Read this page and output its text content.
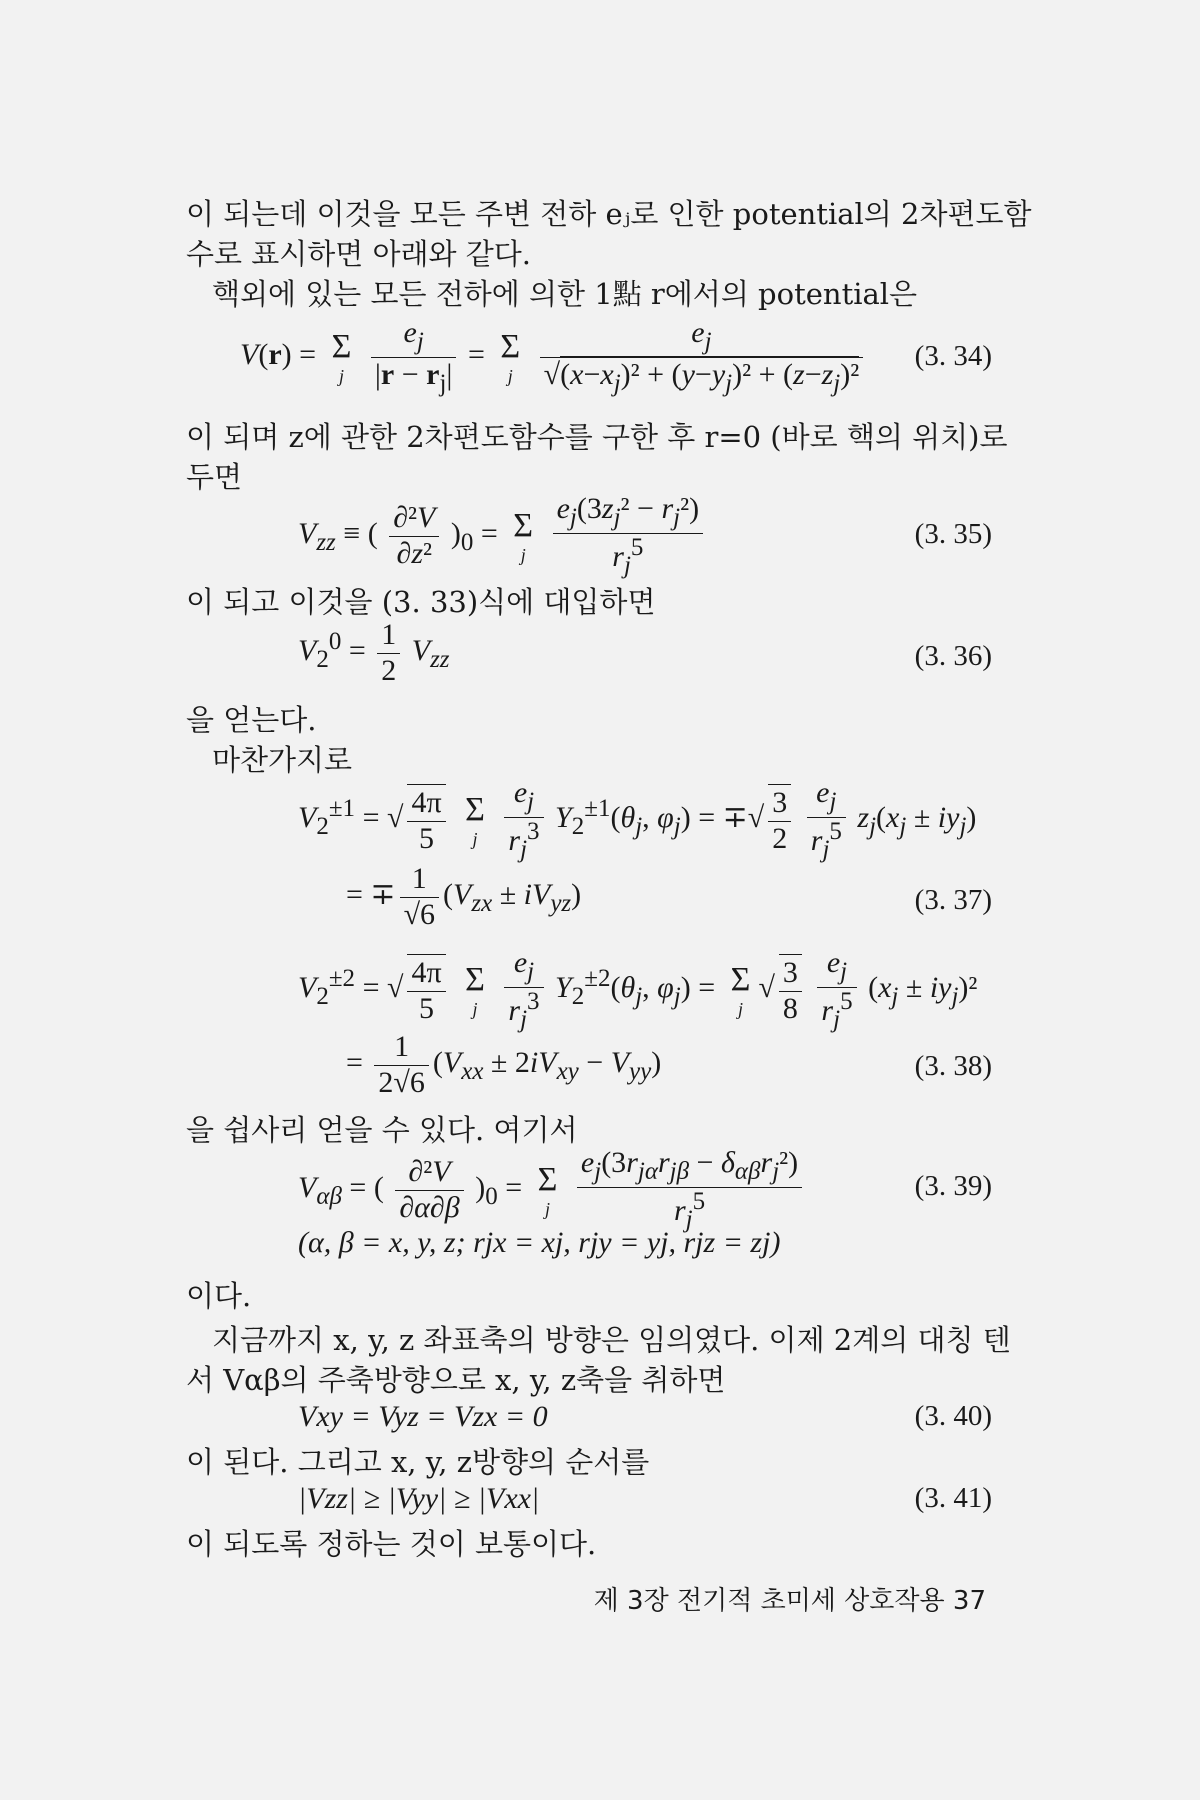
이 되는데 이것을 모든 주변 전하 eⱼ로 인한 potential의 2차편도함
수로 표시하면 아래와 같다.
핵외에 있는 모든 전하에 의한 1點 r에서의 potential은
V(r) = Σ
j
$\frac{e_j}{|r - r_j|} = \Sigma$
j
$\frac{e_j}{√(x-x_j)^2 + (y-y_j)^2 + (z-z_j)^2} (3$. 34)
이 되며 z에 관한 2차편도함수를 구한 후 r=0 (바로 핵의 위치)로
두면
$V_{zz}$ ≡ ( $\frac{\text{∂²V}}{\text{∂z²}} )_0 = \Sigma$
j
$\frac{e_j(3z_j^2 - r_j^2)}{r_j^5}$	(3. 35)
이 되고 이것을 (3. 33)식에 대입하면
$V_2^0 = \frac{1}{2} V_{zz}$	(3. 36)
을 얻는다.
마찬가지로
$V_2^{\pm 1}$ = √ $\frac{4\pi}{5}$
Σ
j
$\frac{e_j}{r_j^3} Y_2^{\pm 1}(\theta_j$, $\varphi_j$) = ∓√ $\frac{3}{2}$
$\frac{e_j}{r_j^5} z_j(x_j \pm iy_j)$
= ∓ $\frac{1}{√6} (V_{zx} \pm iV_{yz})$	(3. 37)
$V_2^{\pm 2}$ = √ $\frac{4\pi}{5}$
Σ
j
$\frac{e_j}{r_j^3} Y_2^{\pm 2}(\theta_j$, $\varphi_j) = \Sigma$
j
√ $\frac{3}{8}$
$\frac{e_j}{r_j^5} (x_j \pm iy_j)^2$
= $\frac{1}{2√6} (V_{xx} \pm 2iV_{xy} - V_{yy})$	(3. 38)
을 쉽사리 얻을 수 있다. 여기서
$V_{\alpha\beta}$ = ( $\frac{\text{∂²V}}{\partial\alpha\partial\beta} )_0 = \Sigma$
j
$\frac{e_j(3r_{j\alpha}r_{j\beta} - \delta_{\alpha\beta}r_j^2)}{r_j^5}$	(3. 39)
(α, β = x, y, z; rjx = xj, rjy = yj, rjz = zj)
이다.
지금까지 x, y, z 좌표축의 방향은 임의였다. 이제 2계의 대칭 텐
서 Vαβ의 주축방향으로 x, y, z축을 취하면
Vxy = Vyz = Vzx = 0	(3. 40)
이 된다. 그리고 x, y, z방향의 순서를
|Vzz| ≥ |Vyy| ≥ |Vxx|	(3. 41)
이 되도록 정하는 것이 보통이다.
제 3장 전기적 초미세 상호작용 37
